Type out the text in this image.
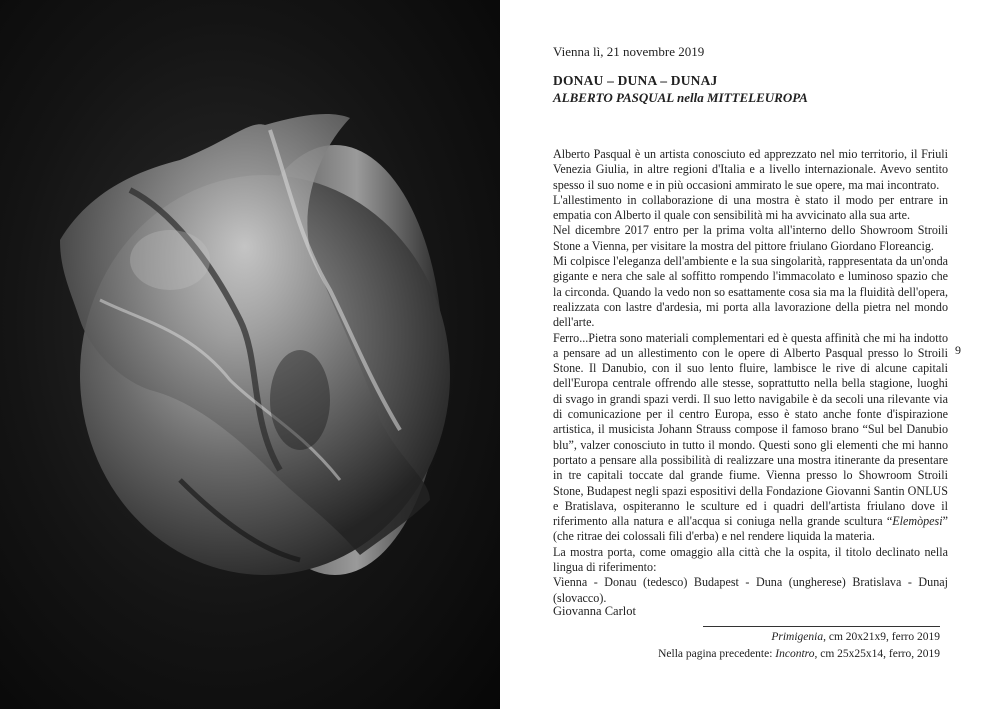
Vienna lì, 21 novembre 2019
DONAU – DUNA – DUNAJ
ALBERTO PASQUAL nella MITTELEUROPA

Alberto Pasqual è un artista conosciuto ed apprezzato nel mio territorio, il Friuli Venezia Giulia, in altre regioni d'Italia e a livello internazionale. Avevo sentito spesso il suo nome e in più occasioni ammirato le sue opere, ma mai incontrato.

L'allestimento in collaborazione di una mostra è stato il modo per entrare in empatia con Alberto il quale con sensibilità mi ha avvicinato alla sua arte.

Nel dicembre 2017 entro per la prima volta all'interno dello Showroom Stroili Stone a Vienna, per visitare la mostra del pittore friulano Giordano Floreancig.

Mi colpisce l'eleganza dell'ambiente e la sua singolarità, rappresentata da un'onda gigante e nera che sale al soffitto rompendo l'immacolato e luminoso spazio che la circonda. Quando la vedo non so esattamente cosa sia ma la fluidità dell'opera, realizzata con lastre d'ardesia, mi porta alla lavorazione della pietra nel mondo dell'arte.

Ferro...Pietra sono materiali complementari ed è questa affinità che mi ha indotto a pensare ad un allestimento con le opere di Alberto Pasqual presso lo Stroili Stone. Il Danubio, con il suo lento fluire, lambisce le rive di alcune capitali dell'Europa centrale offrendo alle stesse, soprattutto nella bella stagione, luoghi di svago in grandi spazi verdi. Il suo letto navigabile è da secoli una rilevante via di comunicazione per il centro Europa, esso è stato anche fonte d'ispirazione artistica, il musicista Johann Strauss compose il famoso brano “Sul bel Danubio blu”, valzer conosciuto in tutto il mondo. Questi sono gli elementi che mi hanno portato a pensare alla possibilità di realizzare una mostra itinerante da presentare in tre capitali toccate dal grande fiume. Vienna presso lo Showroom Stroili Stone, Budapest negli spazi espositivi della Fondazione Giovanni Santin ONLUS e Bratislava, ospiteranno le sculture ed i quadri dell'artista friulano dove il riferimento alla natura e all'acqua si coniuga nella grande scultura “Elemòpesi” (che ritrae dei colossali fili d'erba) e nel rendere liquida la materia.

La mostra porta, come omaggio alla città che la ospita, il titolo declinato nella lingua di riferimento:

Vienna - Donau (tedesco) Budapest - Duna (ungherese) Bratislava - Dunaj (slovacco).

Giovanna Carlot
Primigenia, cm 20x21x9, ferro 2019
Nella pagina precedente: Incontro, cm 25x25x14, ferro, 2019
9
